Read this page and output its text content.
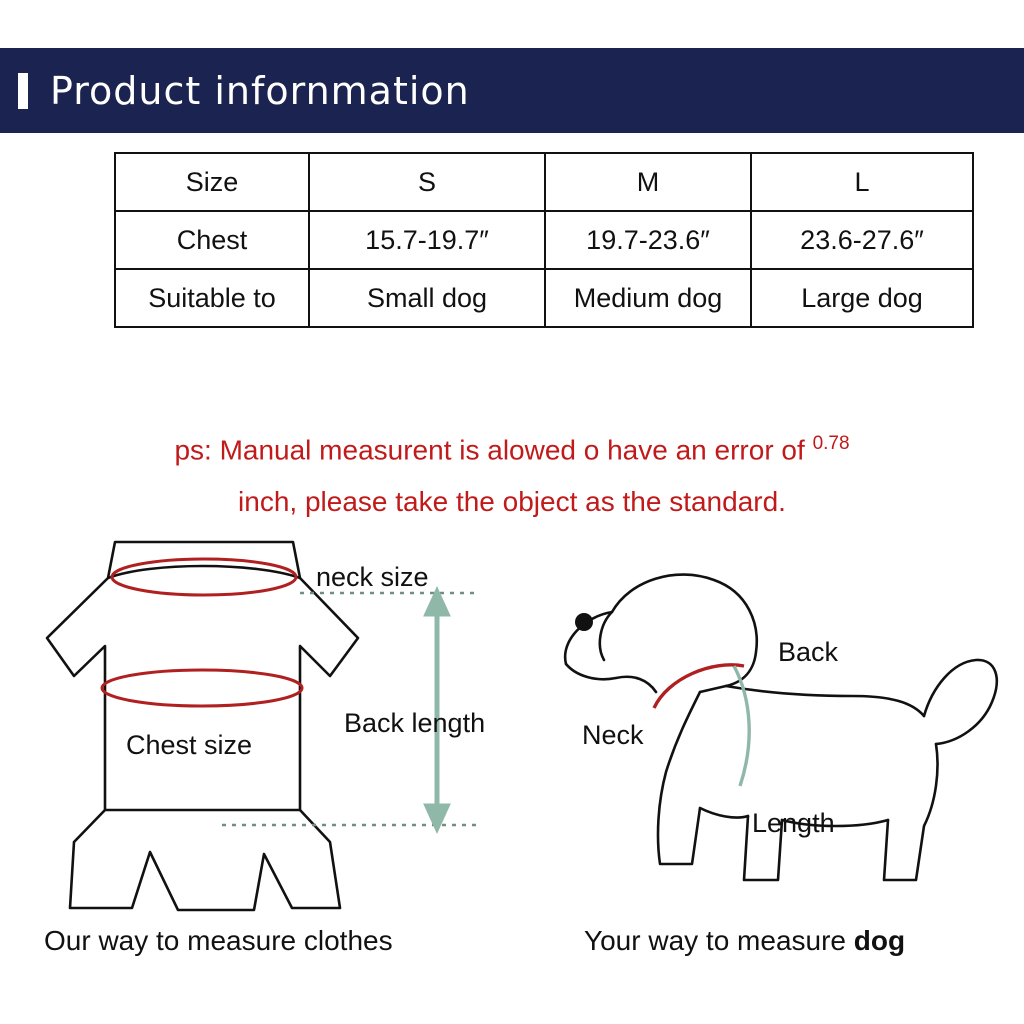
Product infornmation
Size	S	M	L
Chest	15.7-19.7″	19.7-23.6″	23.6-27.6″
Suitable to	Small dog	Medium dog	Large dog
ps: Manual measurent is alowed o have an error of $^{0.78}$
inch, please take the object as the standard.
neck size
Chest size
Back length
Back
Neck
Length
Our way to measure clothes	Your way to measure dog
